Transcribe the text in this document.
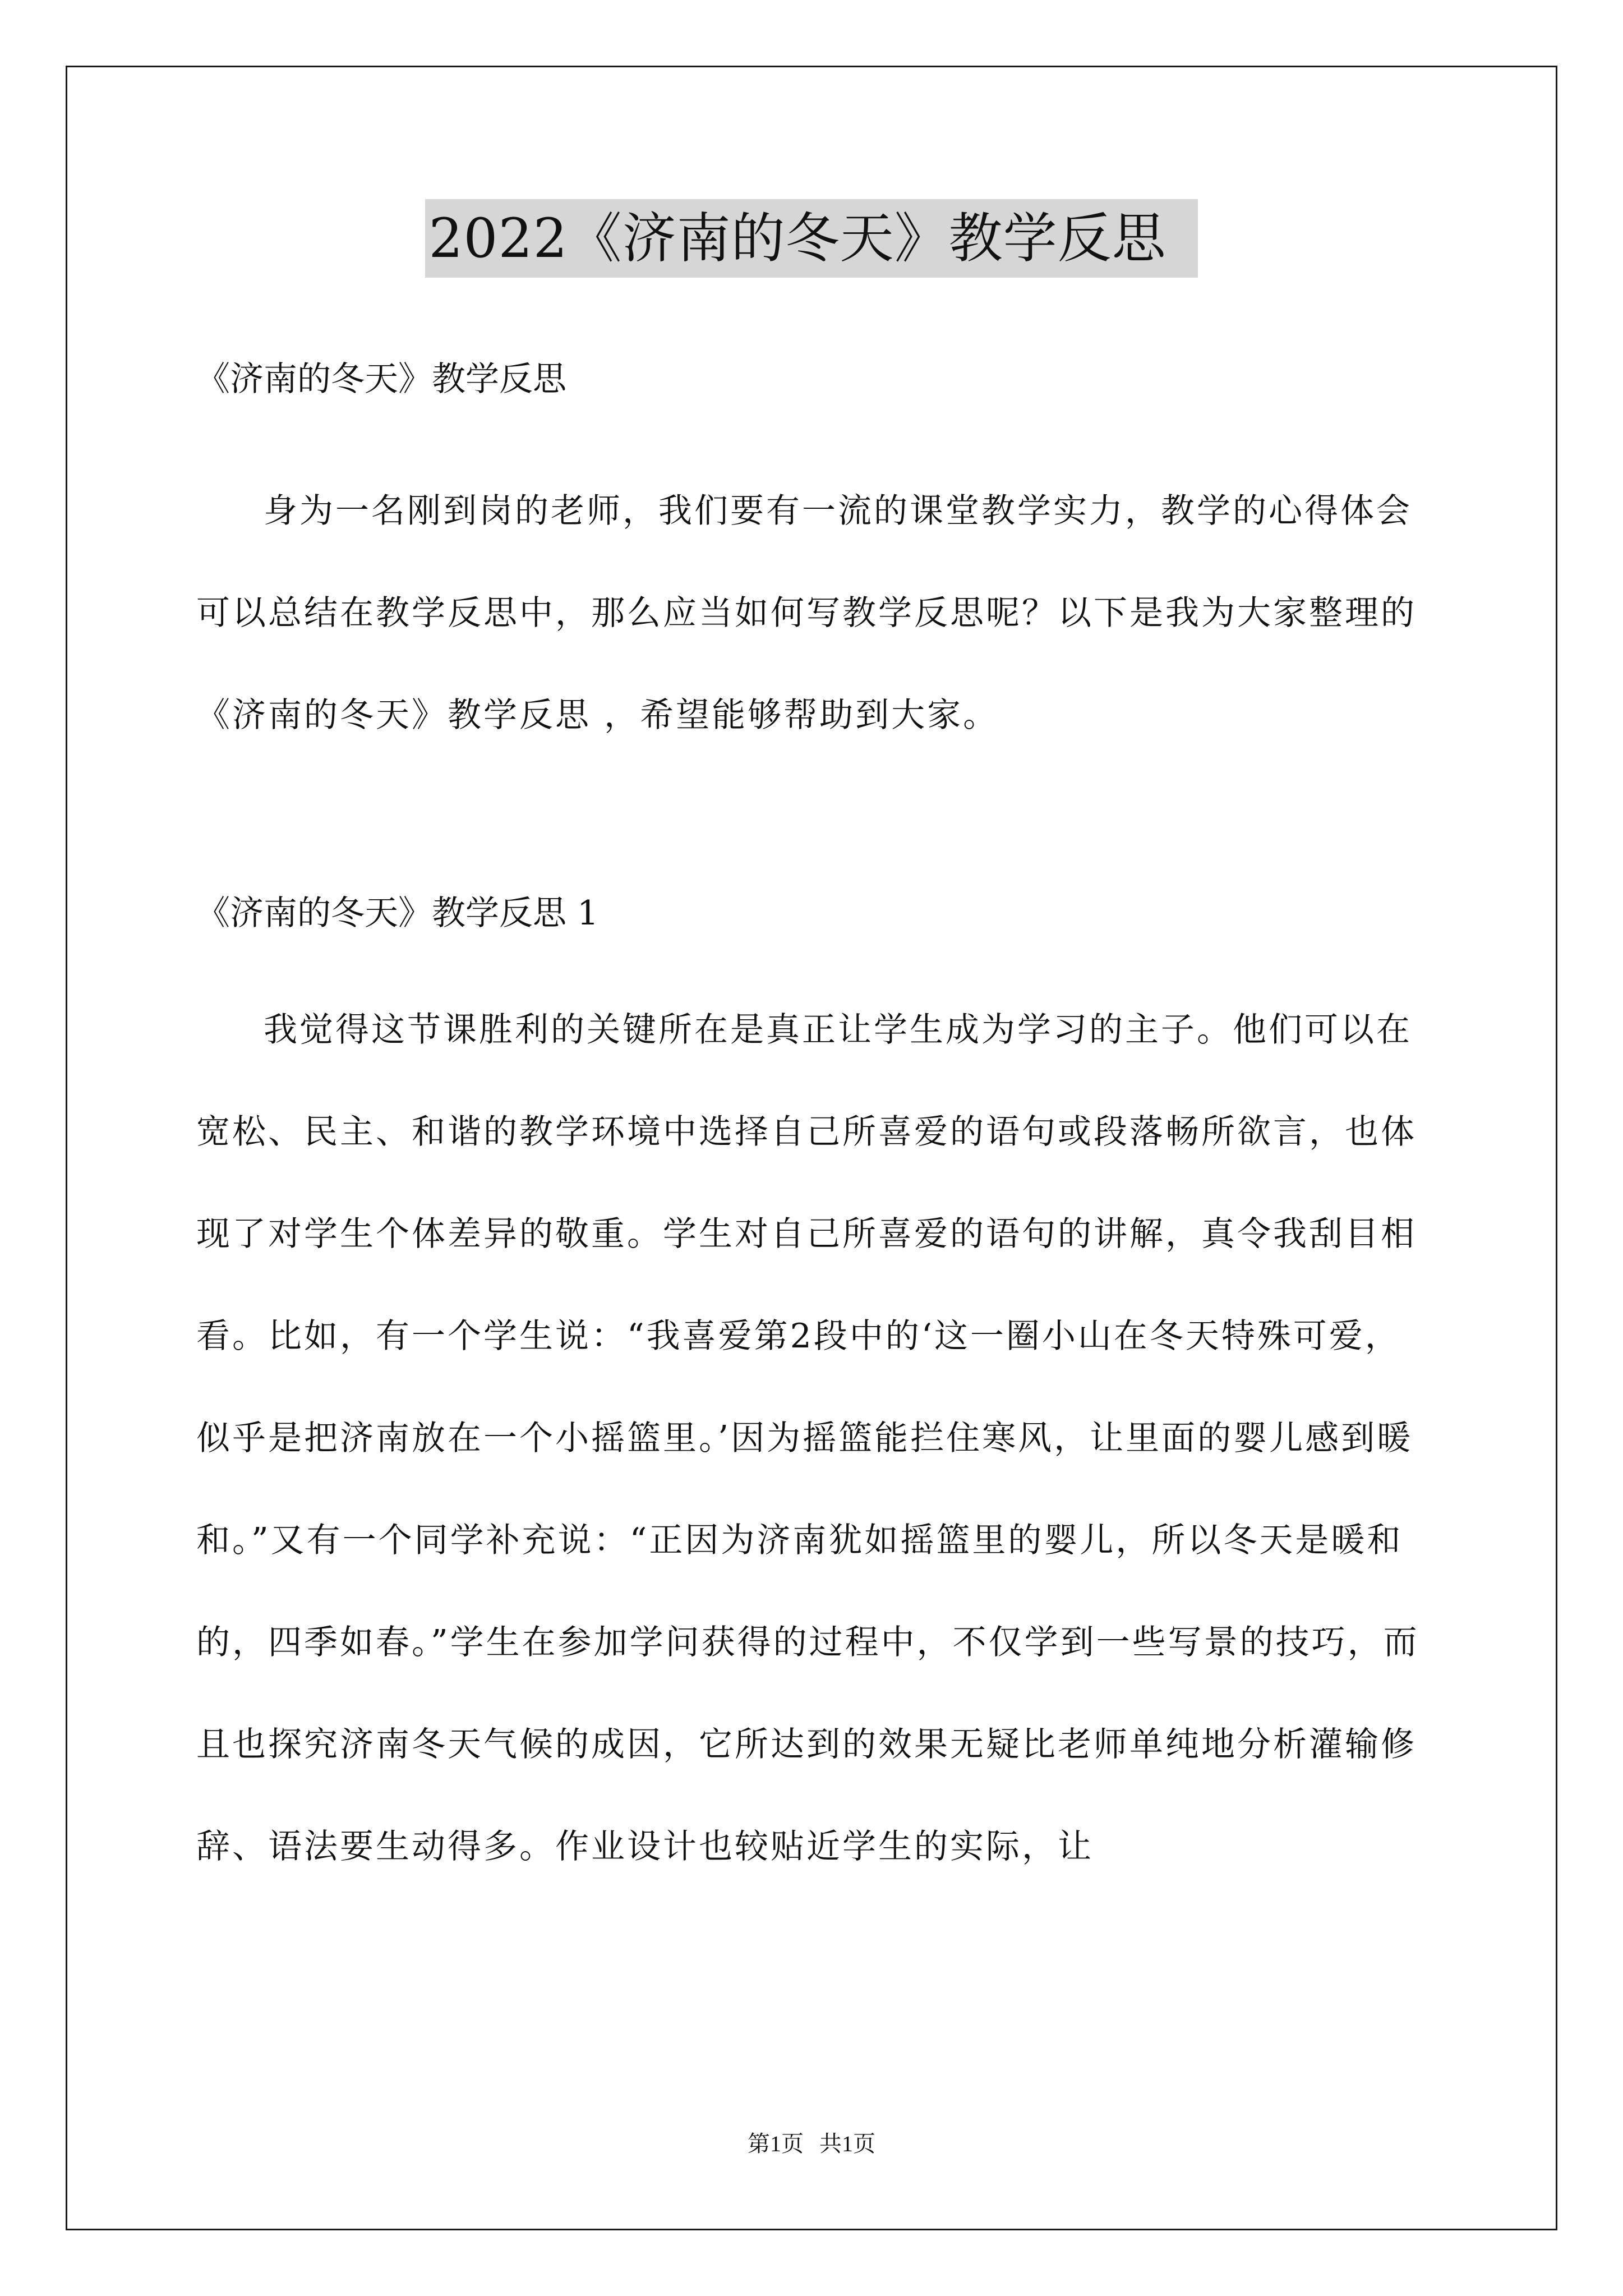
2022《济南的冬天》教学反思
《济南的冬天》教学反思
身为一名刚到岗的老师，我们要有一流的课堂教学实力，教学的心得体会可以总结在教学反思中，那么应当如何写教学反思呢？以下是我为大家整理的《济南的冬天》教学反思 ，希望能够帮助到大家。
《济南的冬天》教学反思 1
我觉得这节课胜利的关键所在是真正让学生成为学习的主子。他们可以在宽松、民主、和谐的教学环境中选择自己所喜爱的语句或段落畅所欲言，也体现了对学生个体差异的敬重。学生对自己所喜爱的语句的讲解，真令我刮目相看。比如，有一个学生说：“我喜爱第2段中的‘这一圈小山在冬天特殊可爱，似乎是把济南放在一个小摇篮里。’因为摇篮能拦住寒风，让里面的婴儿感到暖和。”又有一个同学补充说：“正因为济南犹如摇篮里的婴儿，所以冬天是暖和的，四季如春。”学生在参加学问获得的过程中，不仅学到一些写景的技巧，而且也探究济南冬天气候的成因，它所达到的效果无疑比老师单纯地分析灌输修辞、语法要生动得多。作业设计也较贴近学生的实际，让
第1页 共1页
